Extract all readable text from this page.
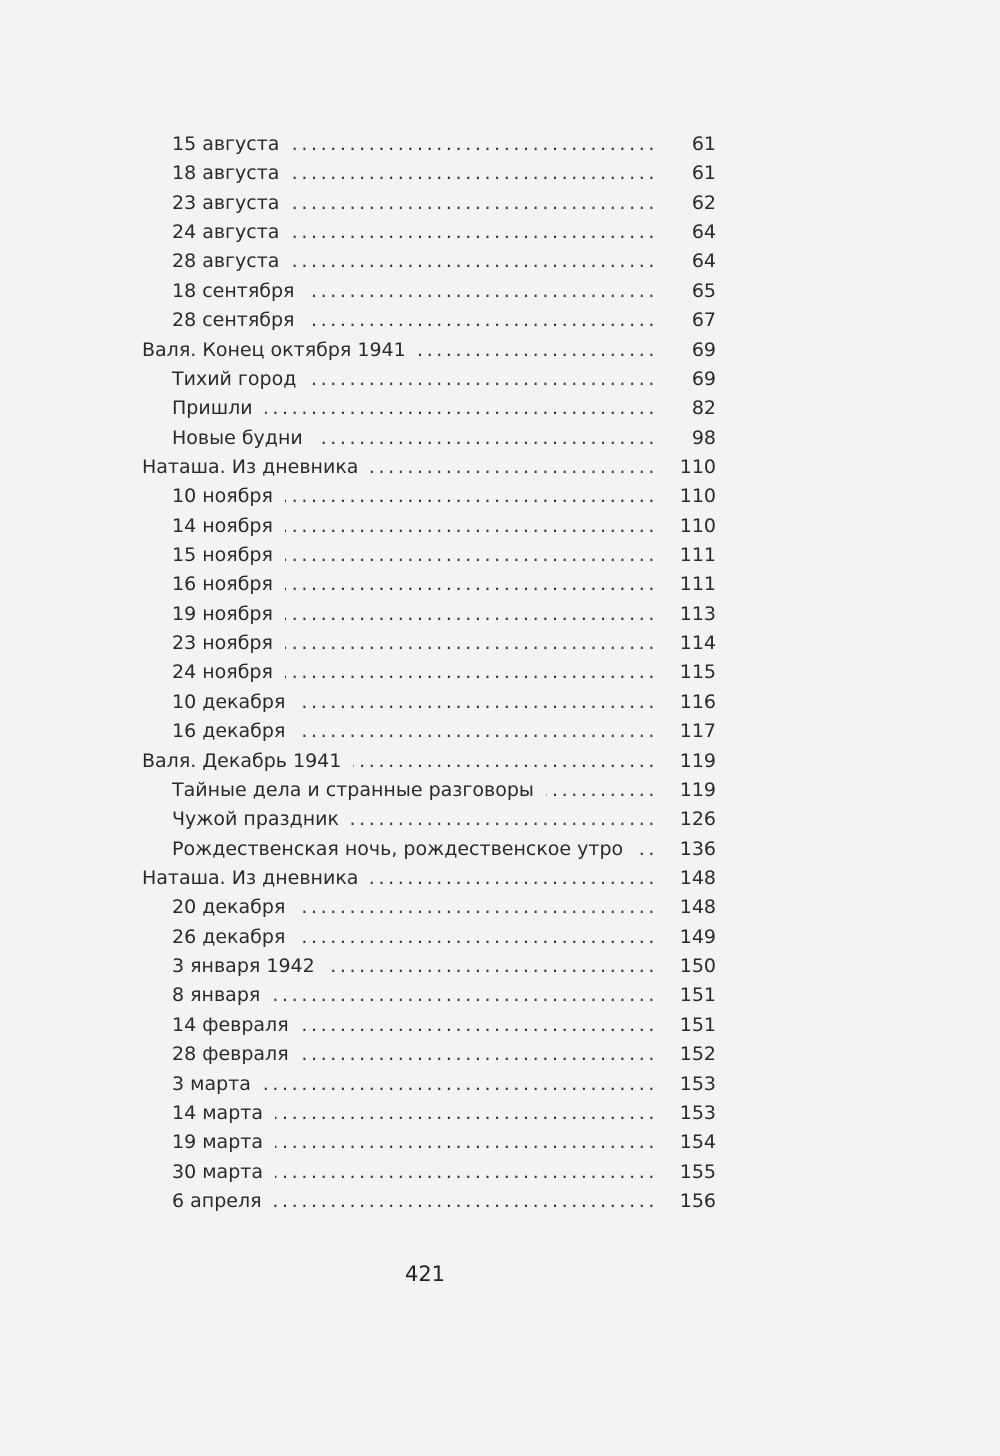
15 августа .....	61
18 августа .....	61
23 августа .....	62
24 августа .....	64
28 августа .....	64
18 сентября .....	65
28 сентября .....	67
Валя. Конец октября 1941 .....	69
Тихий город .....	69
Пришли .....	82
Новые будни .....	98
Наташа. Из дневника .....	110
10 ноября .....	110
14 ноября .....	110
15 ноября .....	111
16 ноября .....	111
19 ноября .....	113
23 ноября .....	114
24 ноября .....	115
10 декабря .....	116
16 декабря .....	117
Валя. Декабрь 1941 .....	119
Тайные дела и странные разговоры .....	119
Чужой праздник .....	126
Рождественская ночь, рождественское утро .....	136
Наташа. Из дневника .....	148
20 декабря .....	148
26 декабря .....	149
3 января 1942 .....	150
8 января .....	151
14 февраля .....	151
28 февраля .....	152
3 марта .....	153
14 марта .....	153
19 марта .....	154
30 марта .....	155
6 апреля .....	156
421
